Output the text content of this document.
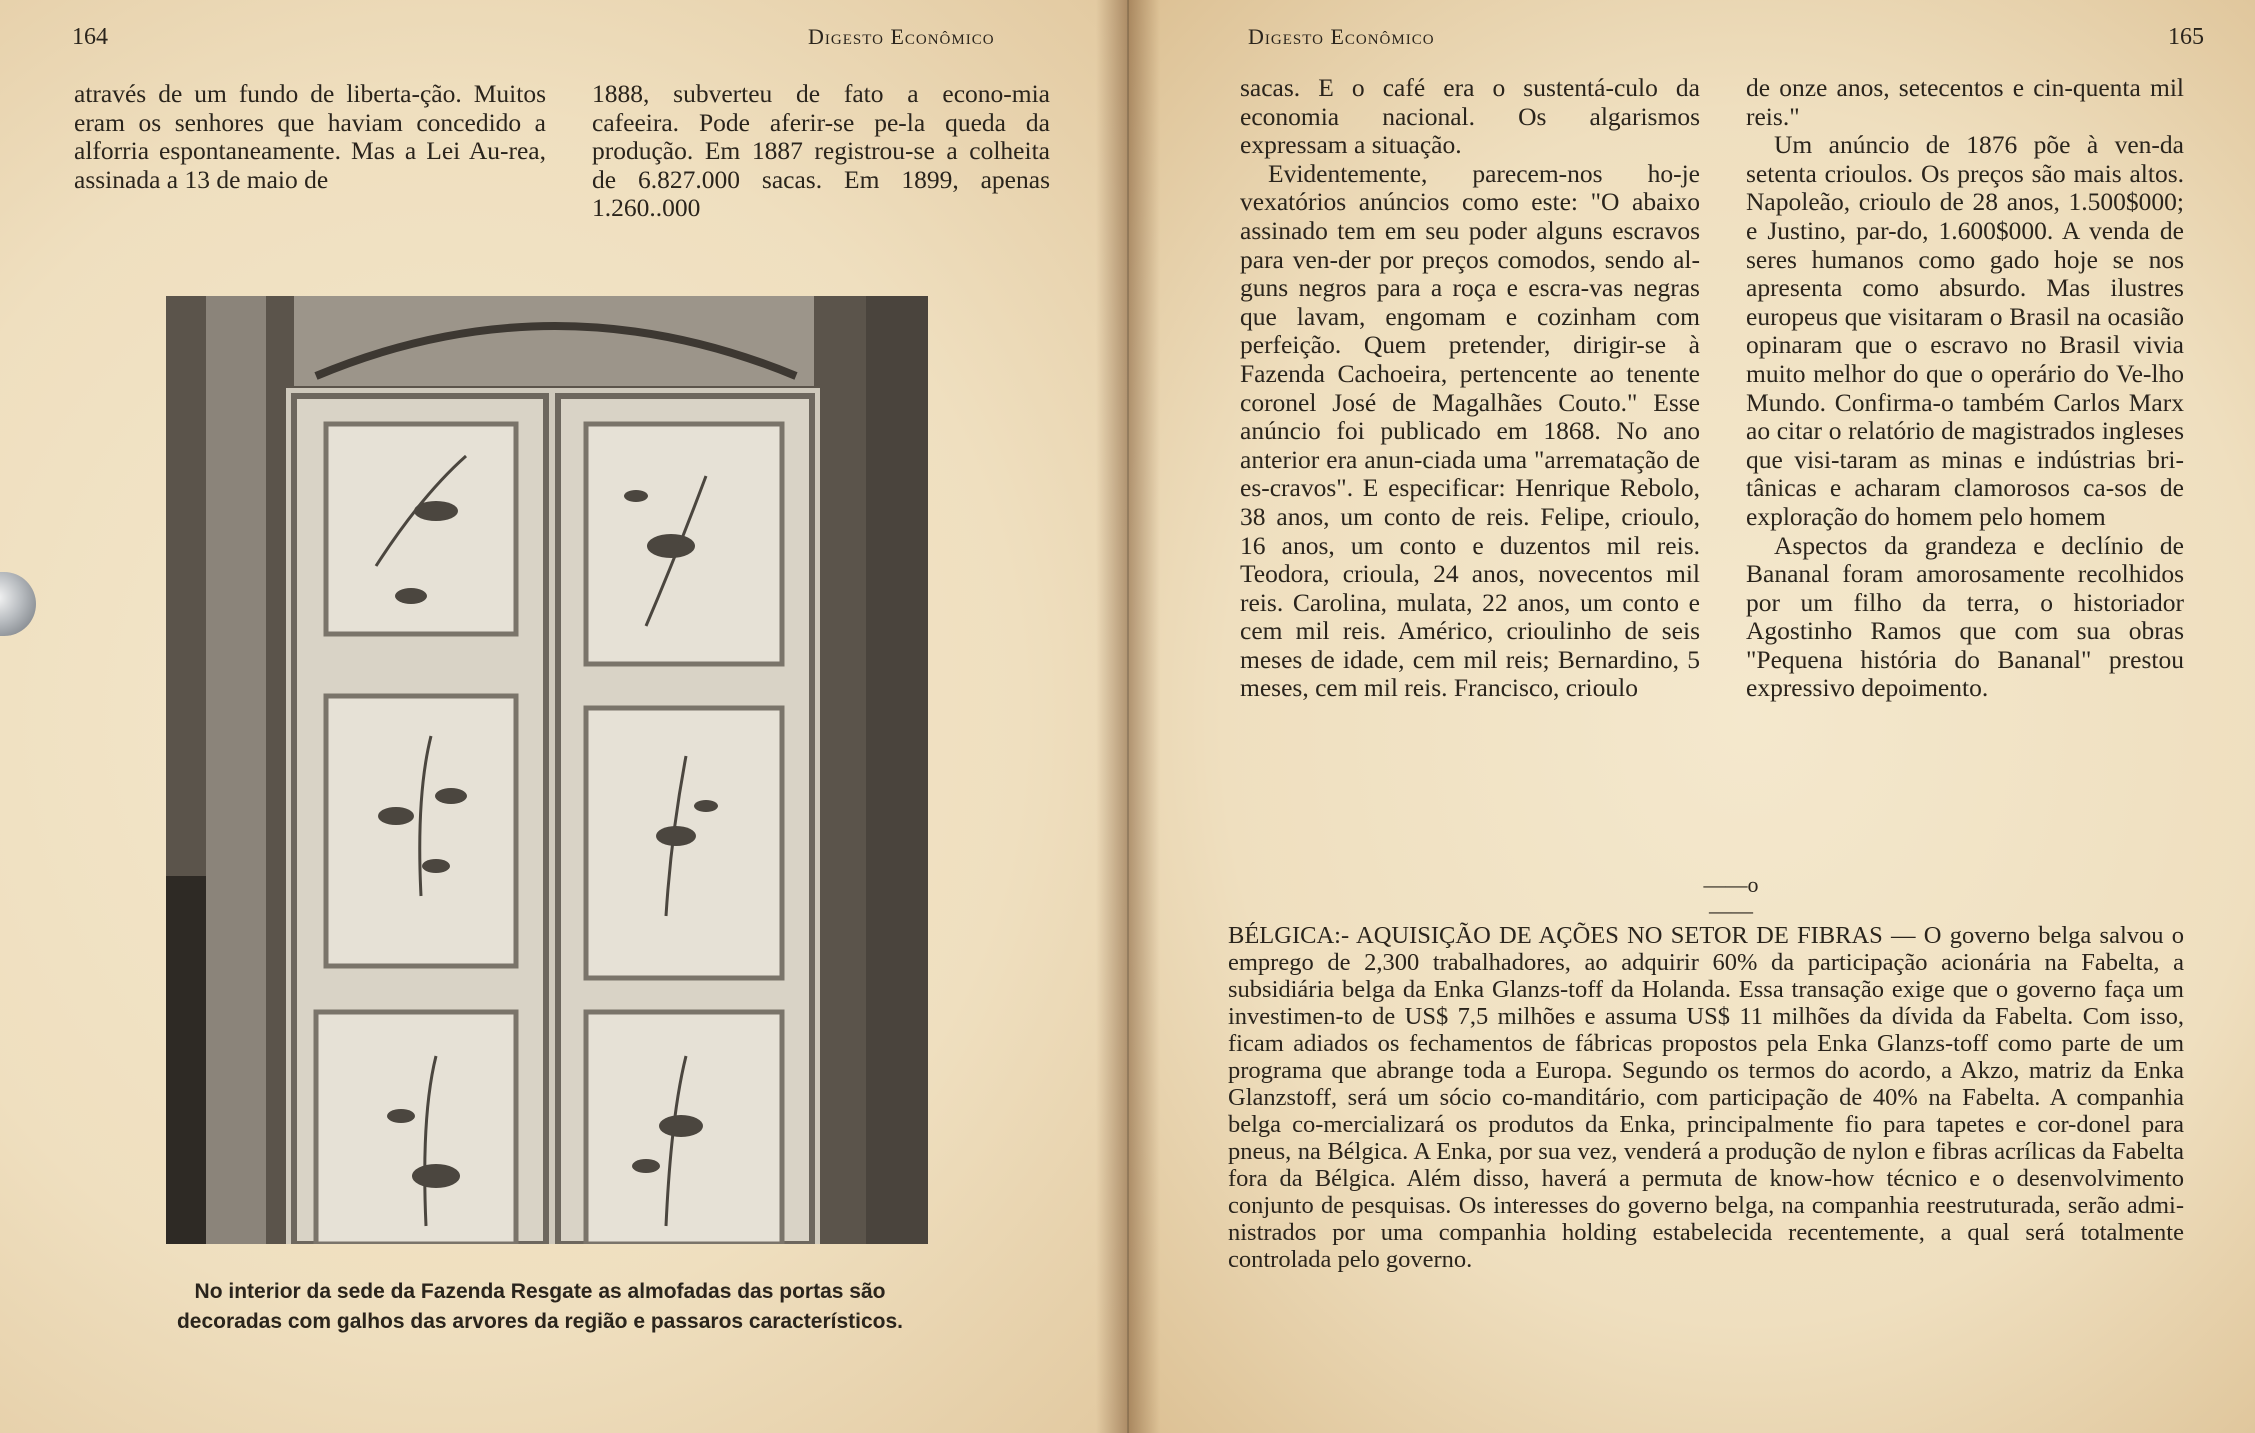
164	Digesto Econômico

através de um fundo de liberta-ção. Muitos eram os senhores que haviam concedido a alforria espontaneamente. Mas a Lei Au-rea, assinada a 13 de maio de

1888, subverteu de fato a econo-mia cafeeira. Pode aferir-se pe-la queda da produção. Em 1887 registrou-se a colheita de 6.827.000 sacas. Em 1899, apenas 1.260..000

No interior da sede da Fazenda Resgate as almofadas das portas são decoradas com galhos das arvores da região e passaros característicos.
Digesto Econômico	165

sacas. E o café era o sustentá-culo da economia nacional. Os algarismos expressam a situação.

Evidentemente, parecem-nos ho-je vexatórios anúncios como este: "O abaixo assinado tem em seu poder alguns escravos para ven-der por preços comodos, sendo al-guns negros para a roça e escra-vas negras que lavam, engomam e cozinham com perfeição. Quem pretender, dirigir-se à Fazenda Cachoeira, pertencente ao tenente coronel José de Magalhães Couto." Esse anúncio foi publicado em 1868. No ano anterior era anun-ciada uma "arrematação de es-cravos". E especificar: Henrique Rebolo, 38 anos, um conto de reis. Felipe, crioulo, 16 anos, um conto e duzentos mil reis. Teodora, crioula, 24 anos, novecentos mil reis. Carolina, mulata, 22 anos, um conto e cem mil reis. Américo, crioulinho de seis meses de idade, cem mil reis; Bernardino, 5 meses, cem mil reis. Francisco, crioulo

de onze anos, setecentos e cin-quenta mil reis."

Um anúncio de 1876 põe à ven-da setenta crioulos. Os preços são mais altos. Napoleão, crioulo de 28 anos, 1.500$000; e Justino, par-do, 1.600$000. A venda de seres humanos como gado hoje se nos apresenta como absurdo. Mas ilustres europeus que visitaram o Brasil na ocasião opinaram que o escravo no Brasil vivia muito melhor do que o operário do Ve-lho Mundo. Confirma-o também Carlos Marx ao citar o relatório de magistrados ingleses que visi-taram as minas e indústrias bri-tânicas e acharam clamorosos ca-sos de exploração do homem pelo homem

Aspectos da grandeza e declínio de Bananal foram amorosamente recolhidos por um filho da terra, o historiador Agostinho Ramos que com sua obras "Pequena história do Bananal" prestou expressivo depoimento.

——o——
BÉLGICA:- AQUISIÇÃO DE AÇÕES NO SETOR DE FIBRAS — O governo belga salvou o emprego de 2,300 trabalhadores, ao adquirir 60% da participação acionária na Fabelta, a subsidiária belga da Enka Glanzs-toff da Holanda. Essa transação exige que o governo faça um investimen-to de US$ 7,5 milhões e assuma US$ 11 milhões da dívida da Fabelta. Com isso, ficam adiados os fechamentos de fábricas propostos pela Enka Glanzs-toff como parte de um programa que abrange toda a Europa. Segundo os termos do acordo, a Akzo, matriz da Enka Glanzstoff, será um sócio co-manditário, com participação de 40% na Fabelta. A companhia belga co-mercializará os produtos da Enka, principalmente fio para tapetes e cor-donel para pneus, na Bélgica. A Enka, por sua vez, venderá a produção de nylon e fibras acrílicas da Fabelta fora da Bélgica. Além disso, haverá a permuta de know-how técnico e o desenvolvimento conjunto de pesquisas. Os interesses do governo belga, na companhia reestruturada, serão admi-nistrados por uma companhia holding estabelecida recentemente, a qual será totalmente controlada pelo governo.
